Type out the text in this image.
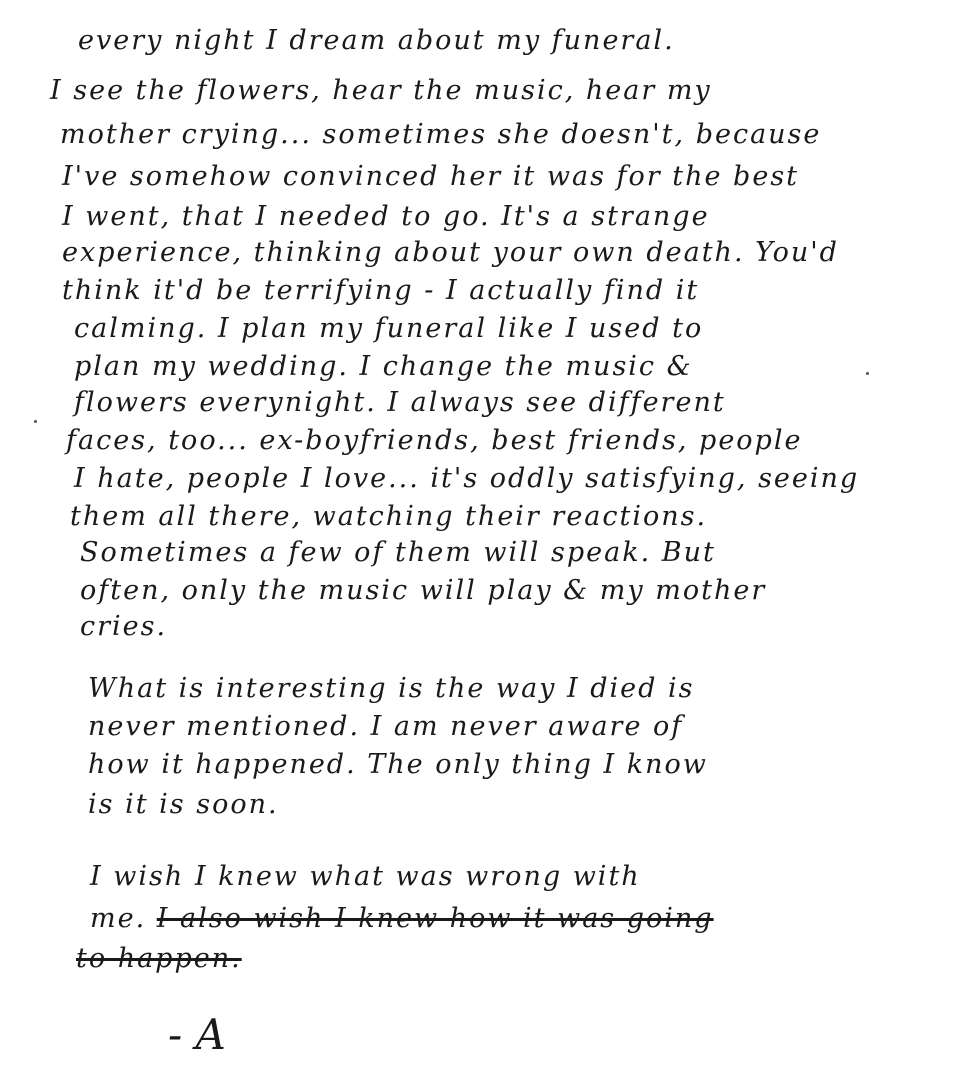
every night I dream about my funeral.
I see the flowers, hear the music, hear my
mother crying... sometimes she doesn't, because
I've somehow convinced her it was for the best
I went, that I needed to go. It's a strange
experience, thinking about your own death. You'd
think it'd be terrifying - I actually find it
calming. I plan my funeral like I used to
plan my wedding. I change the music &
flowers everynight. I always see different
faces, too... ex-boyfriends, best friends, people
I hate, people I love... it's oddly satisfying, seeing
them all there, watching their reactions.
Sometimes a few of them will speak. But
often, only the music will play & my mother
cries.
What is interesting is the way I died is
never mentioned. I am never aware of
how it happened. The only thing I know
is it is soon.
I wish I knew what was wrong with
me. I also wish I knew how it was going
to happen.
- A
